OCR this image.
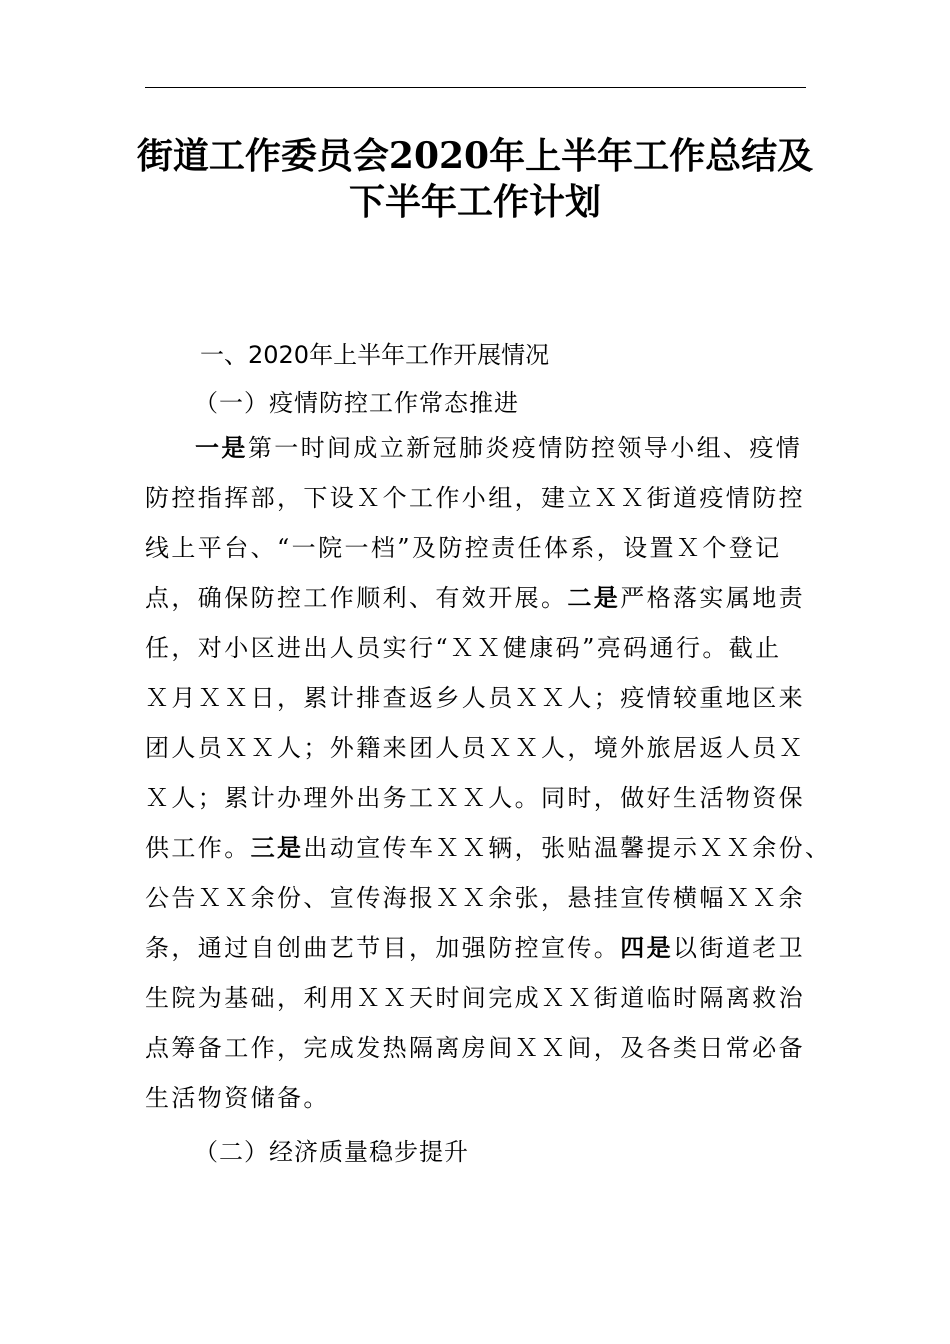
街道工作委员会2020年上半年工作总结及
下半年工作计划
一、2020年上半年工作开展情况
（一）疫情防控工作常态推进
一是第一时间成立新冠肺炎疫情防控领导小组、疫情
防控指挥部，下设Ｘ个工作小组，建立ＸＸ街道疫情防控
线上平台、“一院一档”及防控责任体系，设置Ｘ个登记
点，确保防控工作顺利、有效开展。二是严格落实属地责
任，对小区进出人员实行“ＸＸ健康码”亮码通行。截止
Ｘ月ＸＸ日，累计排查返乡人员ＸＸ人；疫情较重地区来
团人员ＸＸ人；外籍来团人员ＸＸ人，境外旅居返人员Ｘ
Ｘ人；累计办理外出务工ＸＸ人。同时，做好生活物资保
供工作。三是出动宣传车ＸＸ辆，张贴温馨提示ＸＸ余份、
公告ＸＸ余份、宣传海报ＸＸ余张，悬挂宣传横幅ＸＸ余
条，通过自创曲艺节目，加强防控宣传。四是以街道老卫
生院为基础，利用ＸＸ天时间完成ＸＸ街道临时隔离救治
点筹备工作，完成发热隔离房间ＸＸ间，及各类日常必备
生活物资储备。
（二）经济质量稳步提升
